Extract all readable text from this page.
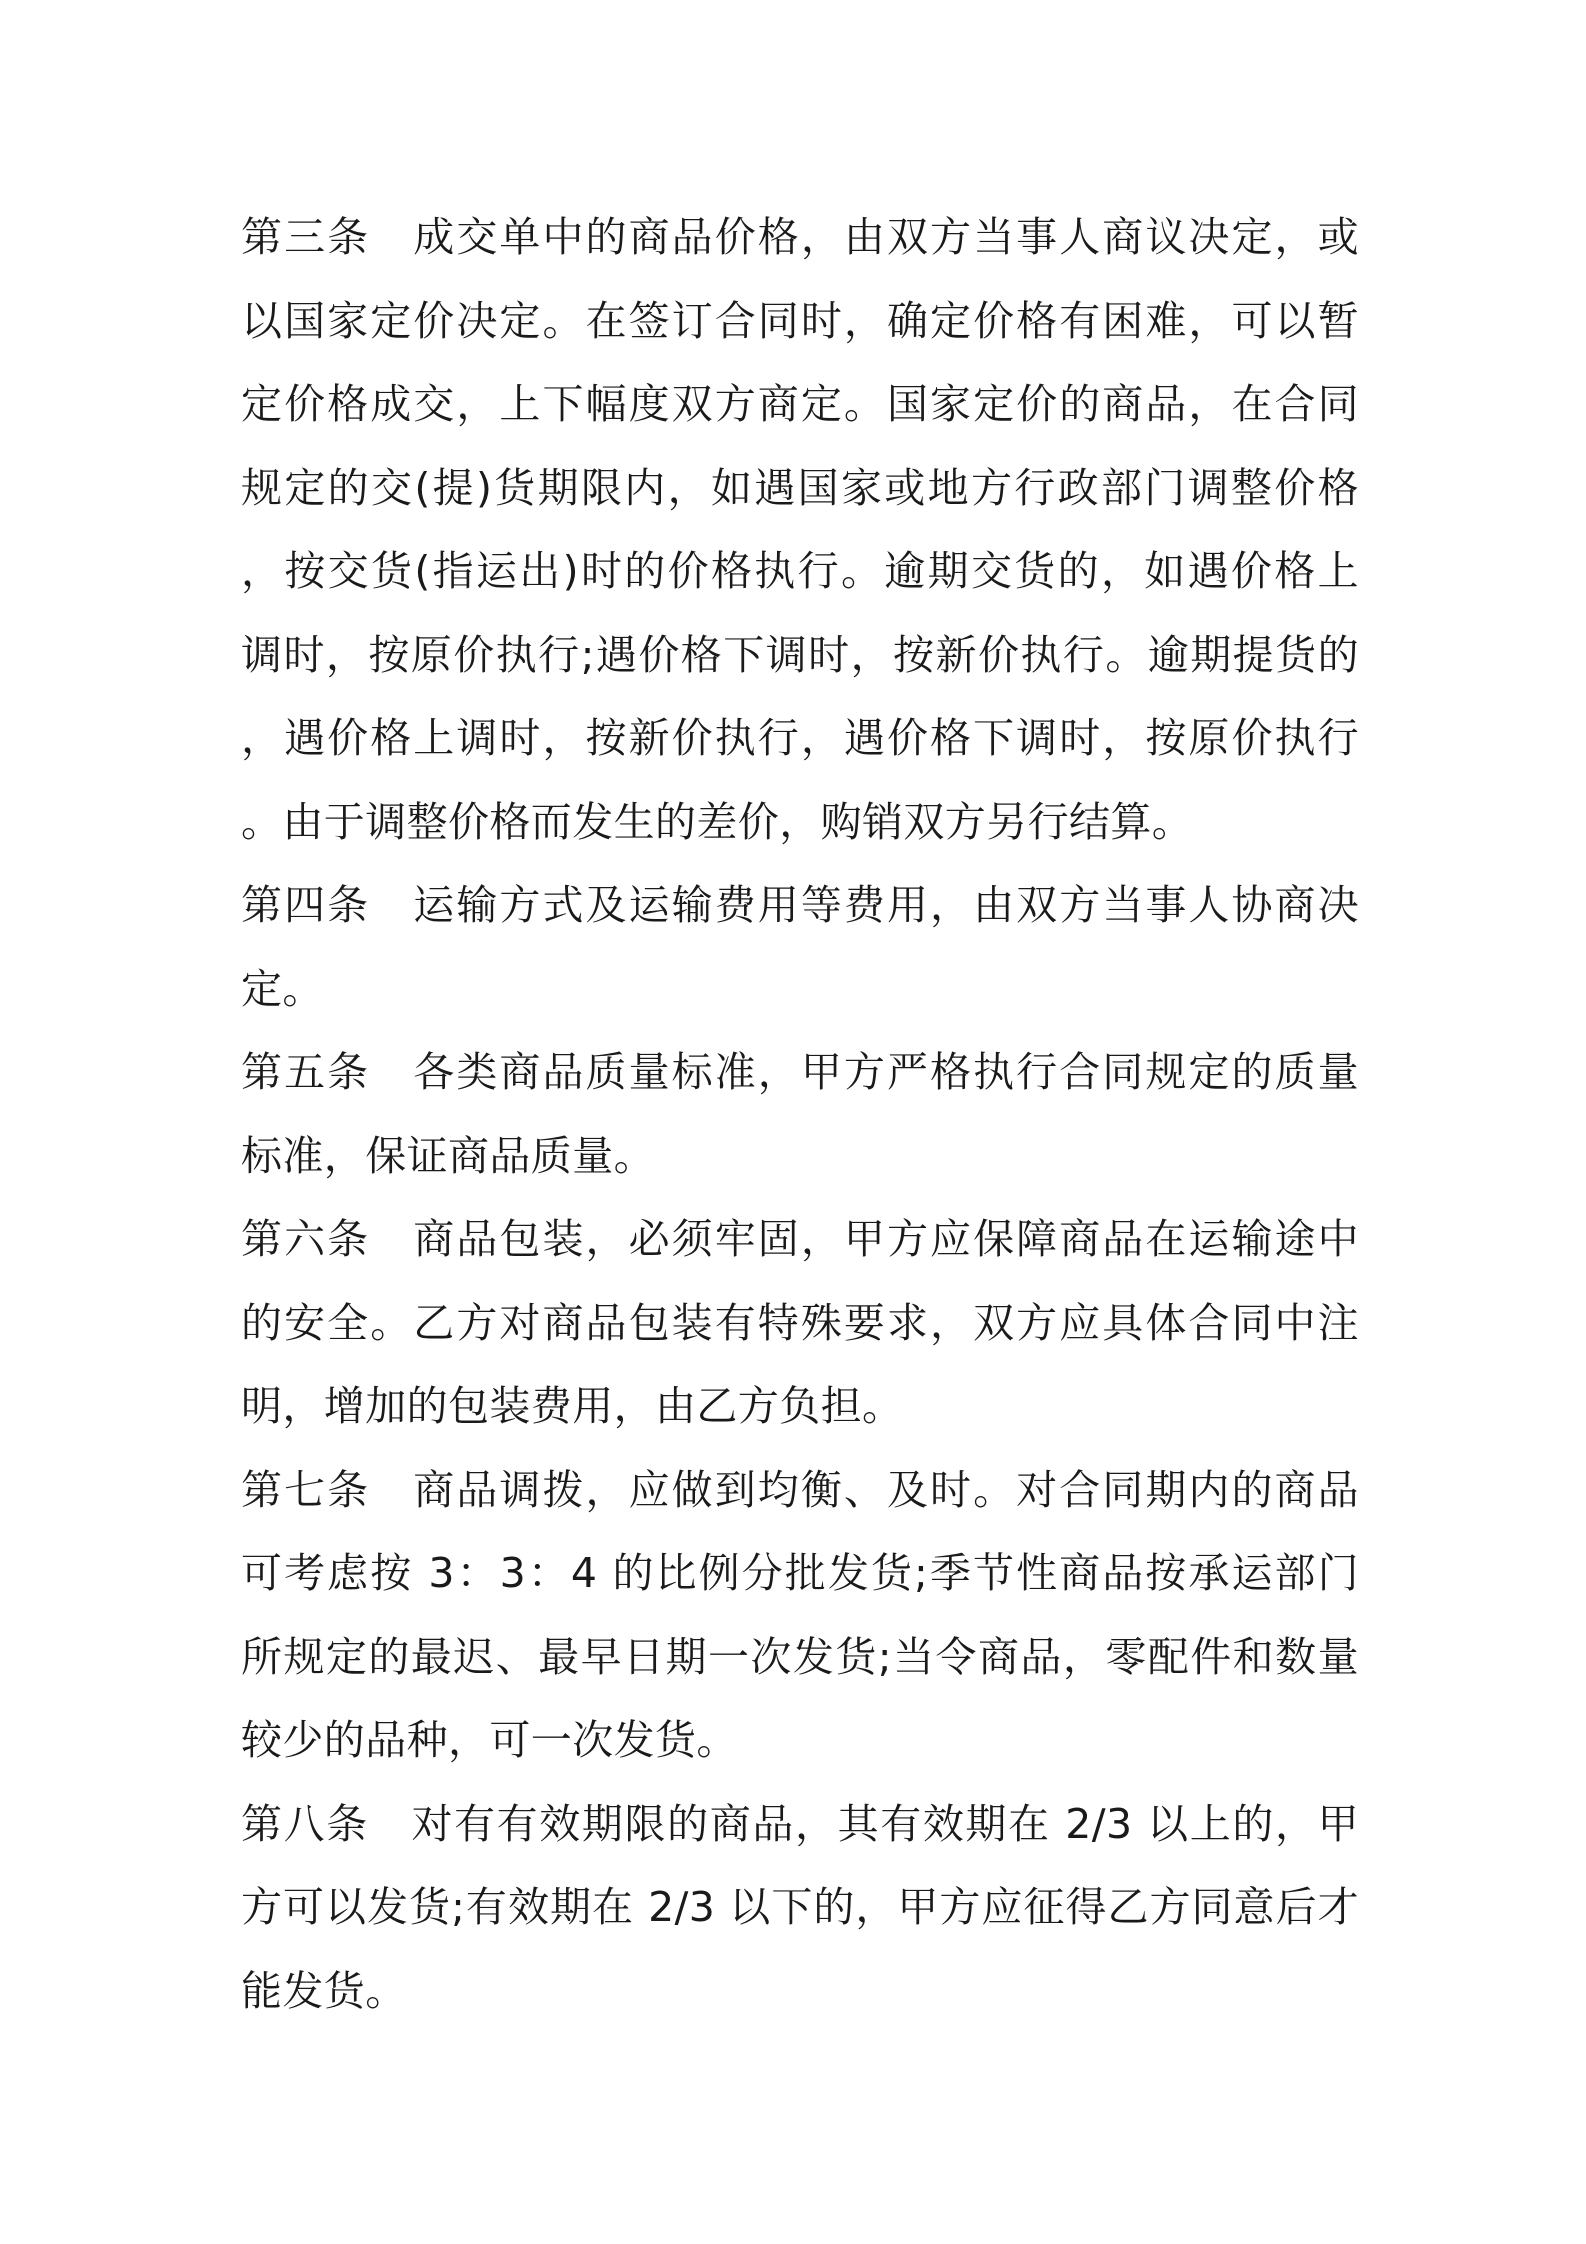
第三条　成交单中的商品价格，由双方当事人商议决定，或
以国家定价决定。在签订合同时，确定价格有困难，可以暂
定价格成交，上下幅度双方商定。国家定价的商品，在合同
规定的交(提)货期限内，如遇国家或地方行政部门调整价格
，按交货(指运出)时的价格执行。逾期交货的，如遇价格上
调时，按原价执行;遇价格下调时，按新价执行。逾期提货的
，遇价格上调时，按新价执行，遇价格下调时，按原价执行
。由于调整价格而发生的差价，购销双方另行结算。
第四条　运输方式及运输费用等费用，由双方当事人协商决
定。
第五条　各类商品质量标准，甲方严格执行合同规定的质量
标准，保证商品质量。
第六条　商品包装，必须牢固，甲方应保障商品在运输途中
的安全。乙方对商品包装有特殊要求，双方应具体合同中注
明，增加的包装费用，由乙方负担。
第七条　商品调拨，应做到均衡、及时。对合同期内的商品
可考虑按 3：3：4 的比例分批发货;季节性商品按承运部门
所规定的最迟、最早日期一次发货;当令商品，零配件和数量
较少的品种，可一次发货。
第八条　对有有效期限的商品，其有效期在 2/3 以上的，甲
方可以发货;有效期在 2/3 以下的，甲方应征得乙方同意后才
能发货。
